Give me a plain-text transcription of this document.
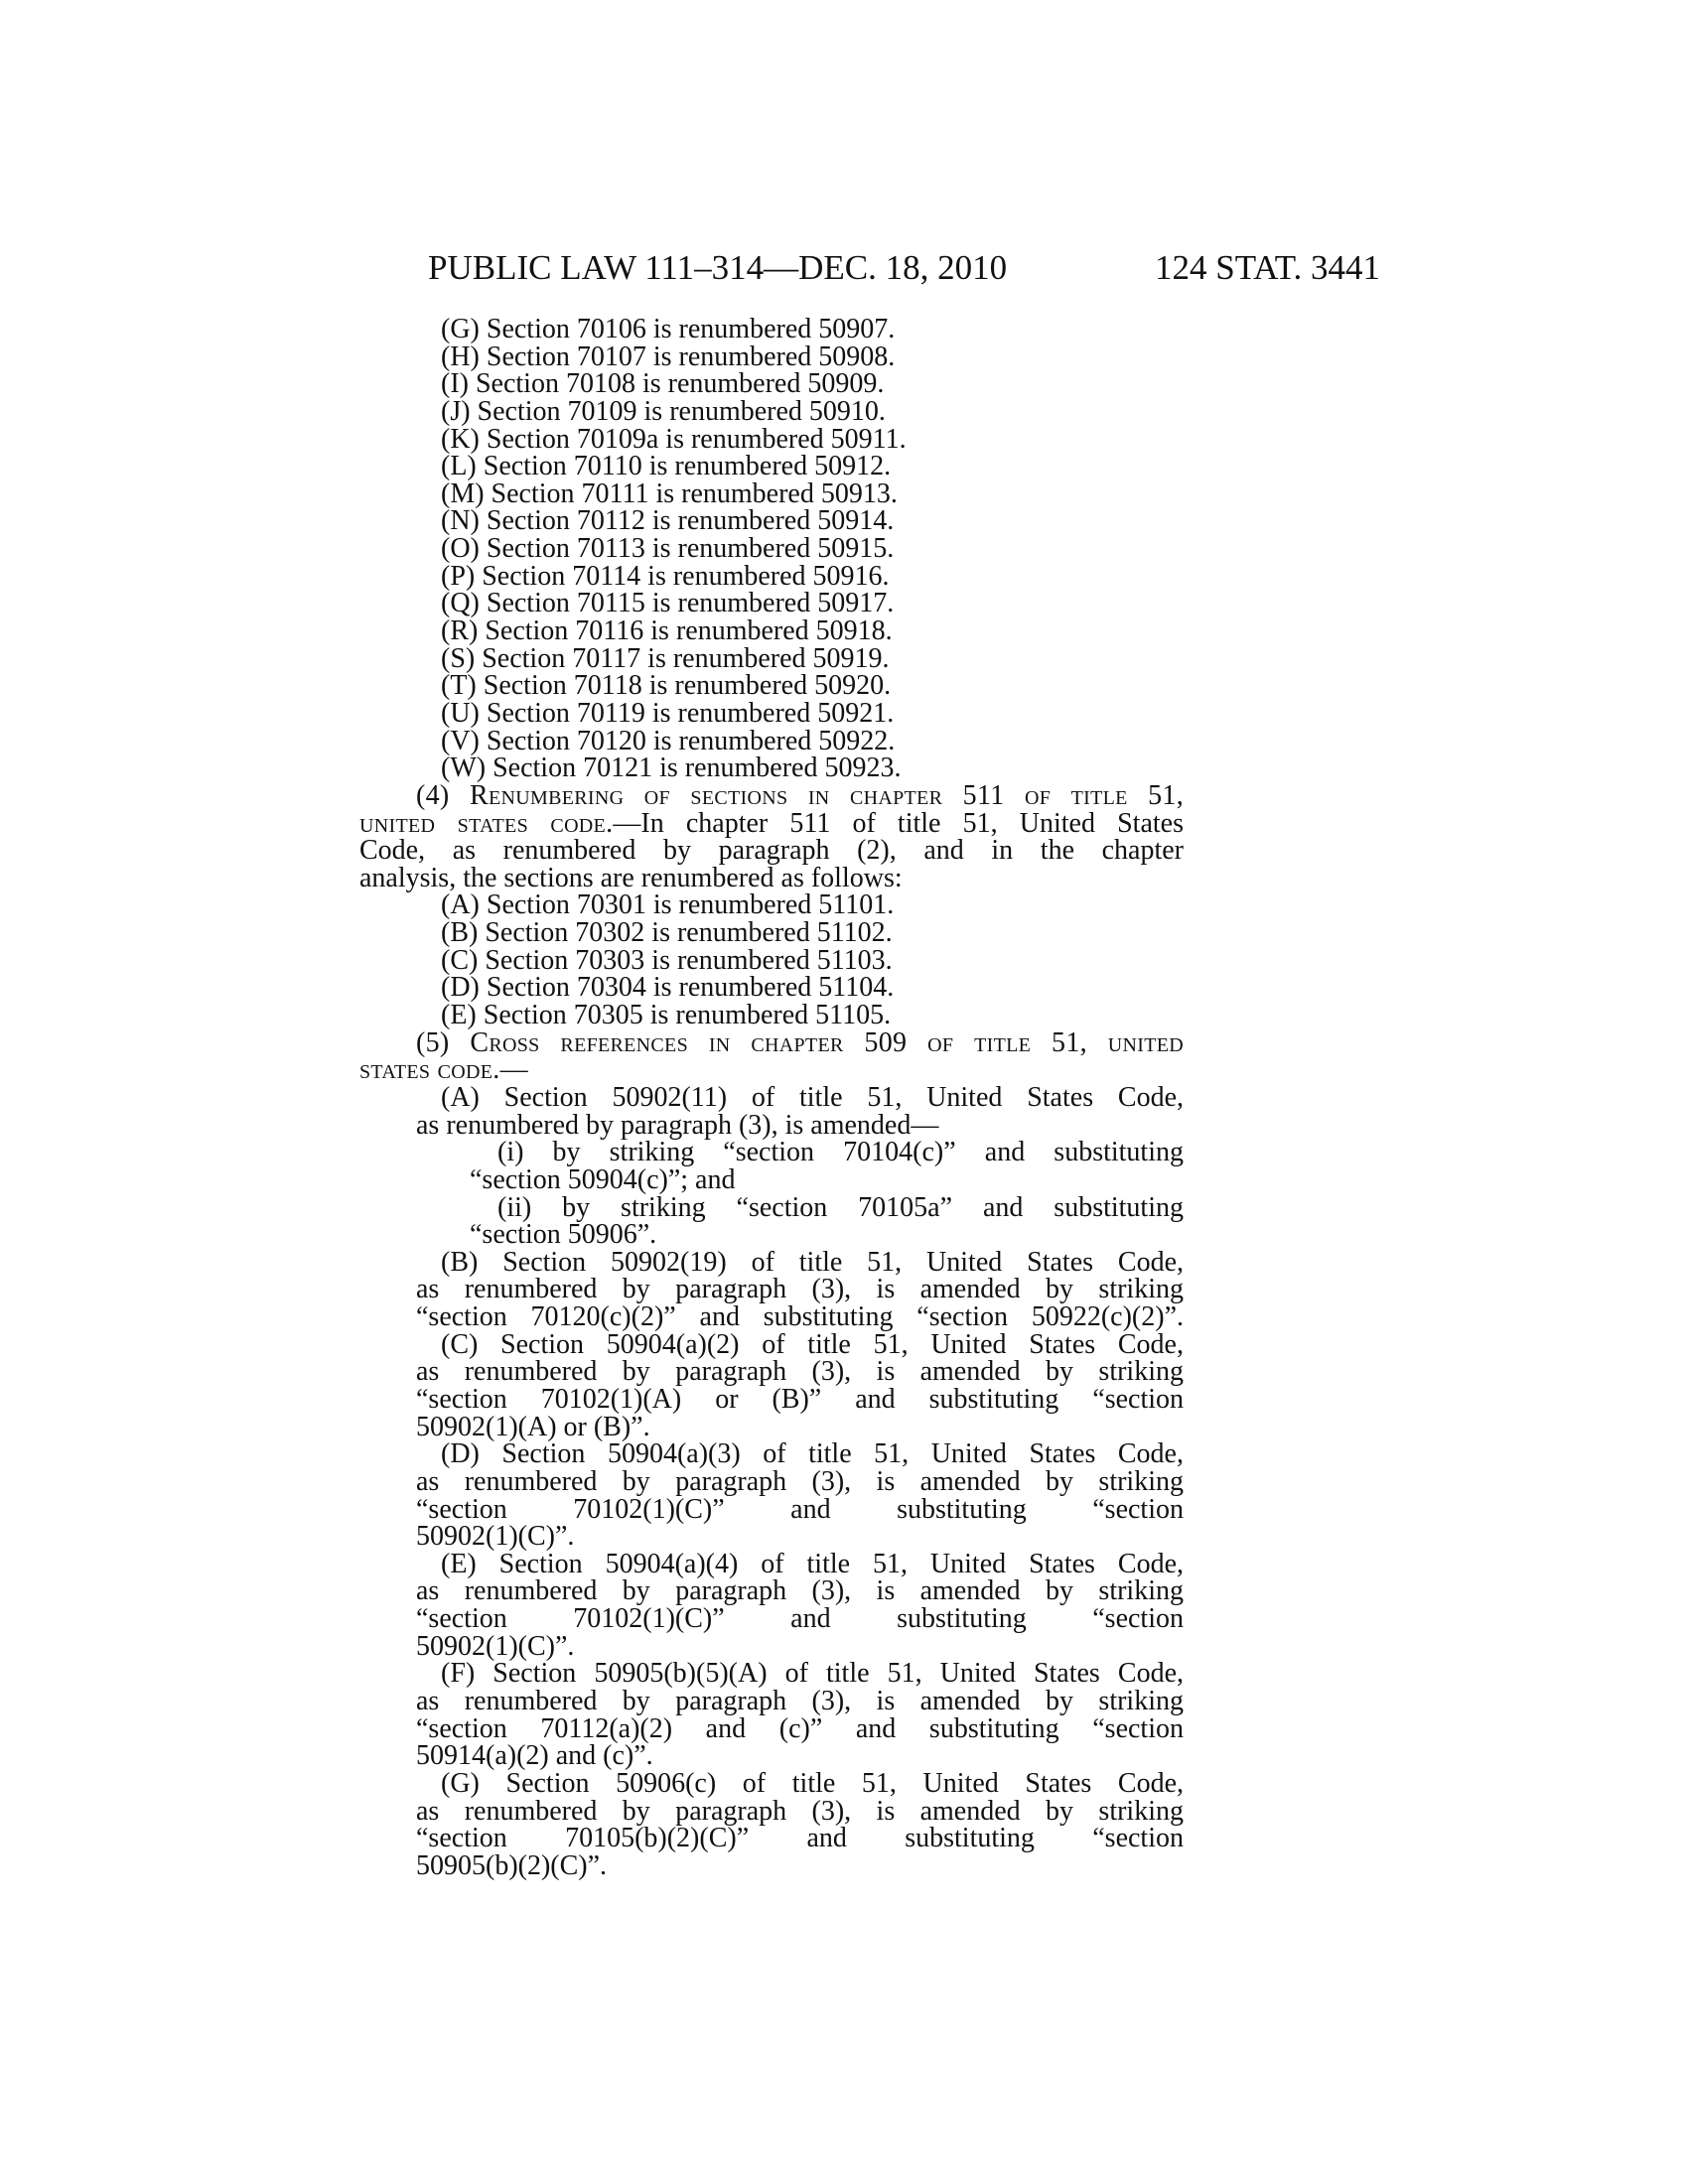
PUBLIC LAW 111–314—DEC. 18, 2010	124 STAT. 3441
(G) Section 70106 is renumbered 50907.
(H) Section 70107 is renumbered 50908.
(I) Section 70108 is renumbered 50909.
(J) Section 70109 is renumbered 50910.
(K) Section 70109a is renumbered 50911.
(L) Section 70110 is renumbered 50912.
(M) Section 70111 is renumbered 50913.
(N) Section 70112 is renumbered 50914.
(O) Section 70113 is renumbered 50915.
(P) Section 70114 is renumbered 50916.
(Q) Section 70115 is renumbered 50917.
(R) Section 70116 is renumbered 50918.
(S) Section 70117 is renumbered 50919.
(T) Section 70118 is renumbered 50920.
(U) Section 70119 is renumbered 50921.
(V) Section 70120 is renumbered 50922.
(W) Section 70121 is renumbered 50923.
(4) Renumbering of sections in chapter 511 of title 51,
united states code.—In chapter 511 of title 51, United States
Code, as renumbered by paragraph (2), and in the chapter
analysis, the sections are renumbered as follows:
(A) Section 70301 is renumbered 51101.
(B) Section 70302 is renumbered 51102.
(C) Section 70303 is renumbered 51103.
(D) Section 70304 is renumbered 51104.
(E) Section 70305 is renumbered 51105.
(5) Cross references in chapter 509 of title 51, united
states code.—
(A) Section 50902(11) of title 51, United States Code,
as renumbered by paragraph (3), is amended—
(i) by striking “section 70104(c)” and substituting
“section 50904(c)”; and
(ii) by striking “section 70105a” and substituting
“section 50906”.
(B) Section 50902(19) of title 51, United States Code,
as renumbered by paragraph (3), is amended by striking
“section 70120(c)(2)” and substituting “section 50922(c)(2)”.
(C) Section 50904(a)(2) of title 51, United States Code,
as renumbered by paragraph (3), is amended by striking
“section 70102(1)(A) or (B)” and substituting “section
50902(1)(A) or (B)”.
(D) Section 50904(a)(3) of title 51, United States Code,
as renumbered by paragraph (3), is amended by striking
“section 70102(1)(C)” and substituting “section
50902(1)(C)”.
(E) Section 50904(a)(4) of title 51, United States Code,
as renumbered by paragraph (3), is amended by striking
“section 70102(1)(C)” and substituting “section
50902(1)(C)”.
(F) Section 50905(b)(5)(A) of title 51, United States Code,
as renumbered by paragraph (3), is amended by striking
“section 70112(a)(2) and (c)” and substituting “section
50914(a)(2) and (c)”.
(G) Section 50906(c) of title 51, United States Code,
as renumbered by paragraph (3), is amended by striking
“section 70105(b)(2)(C)” and substituting “section
50905(b)(2)(C)”.
